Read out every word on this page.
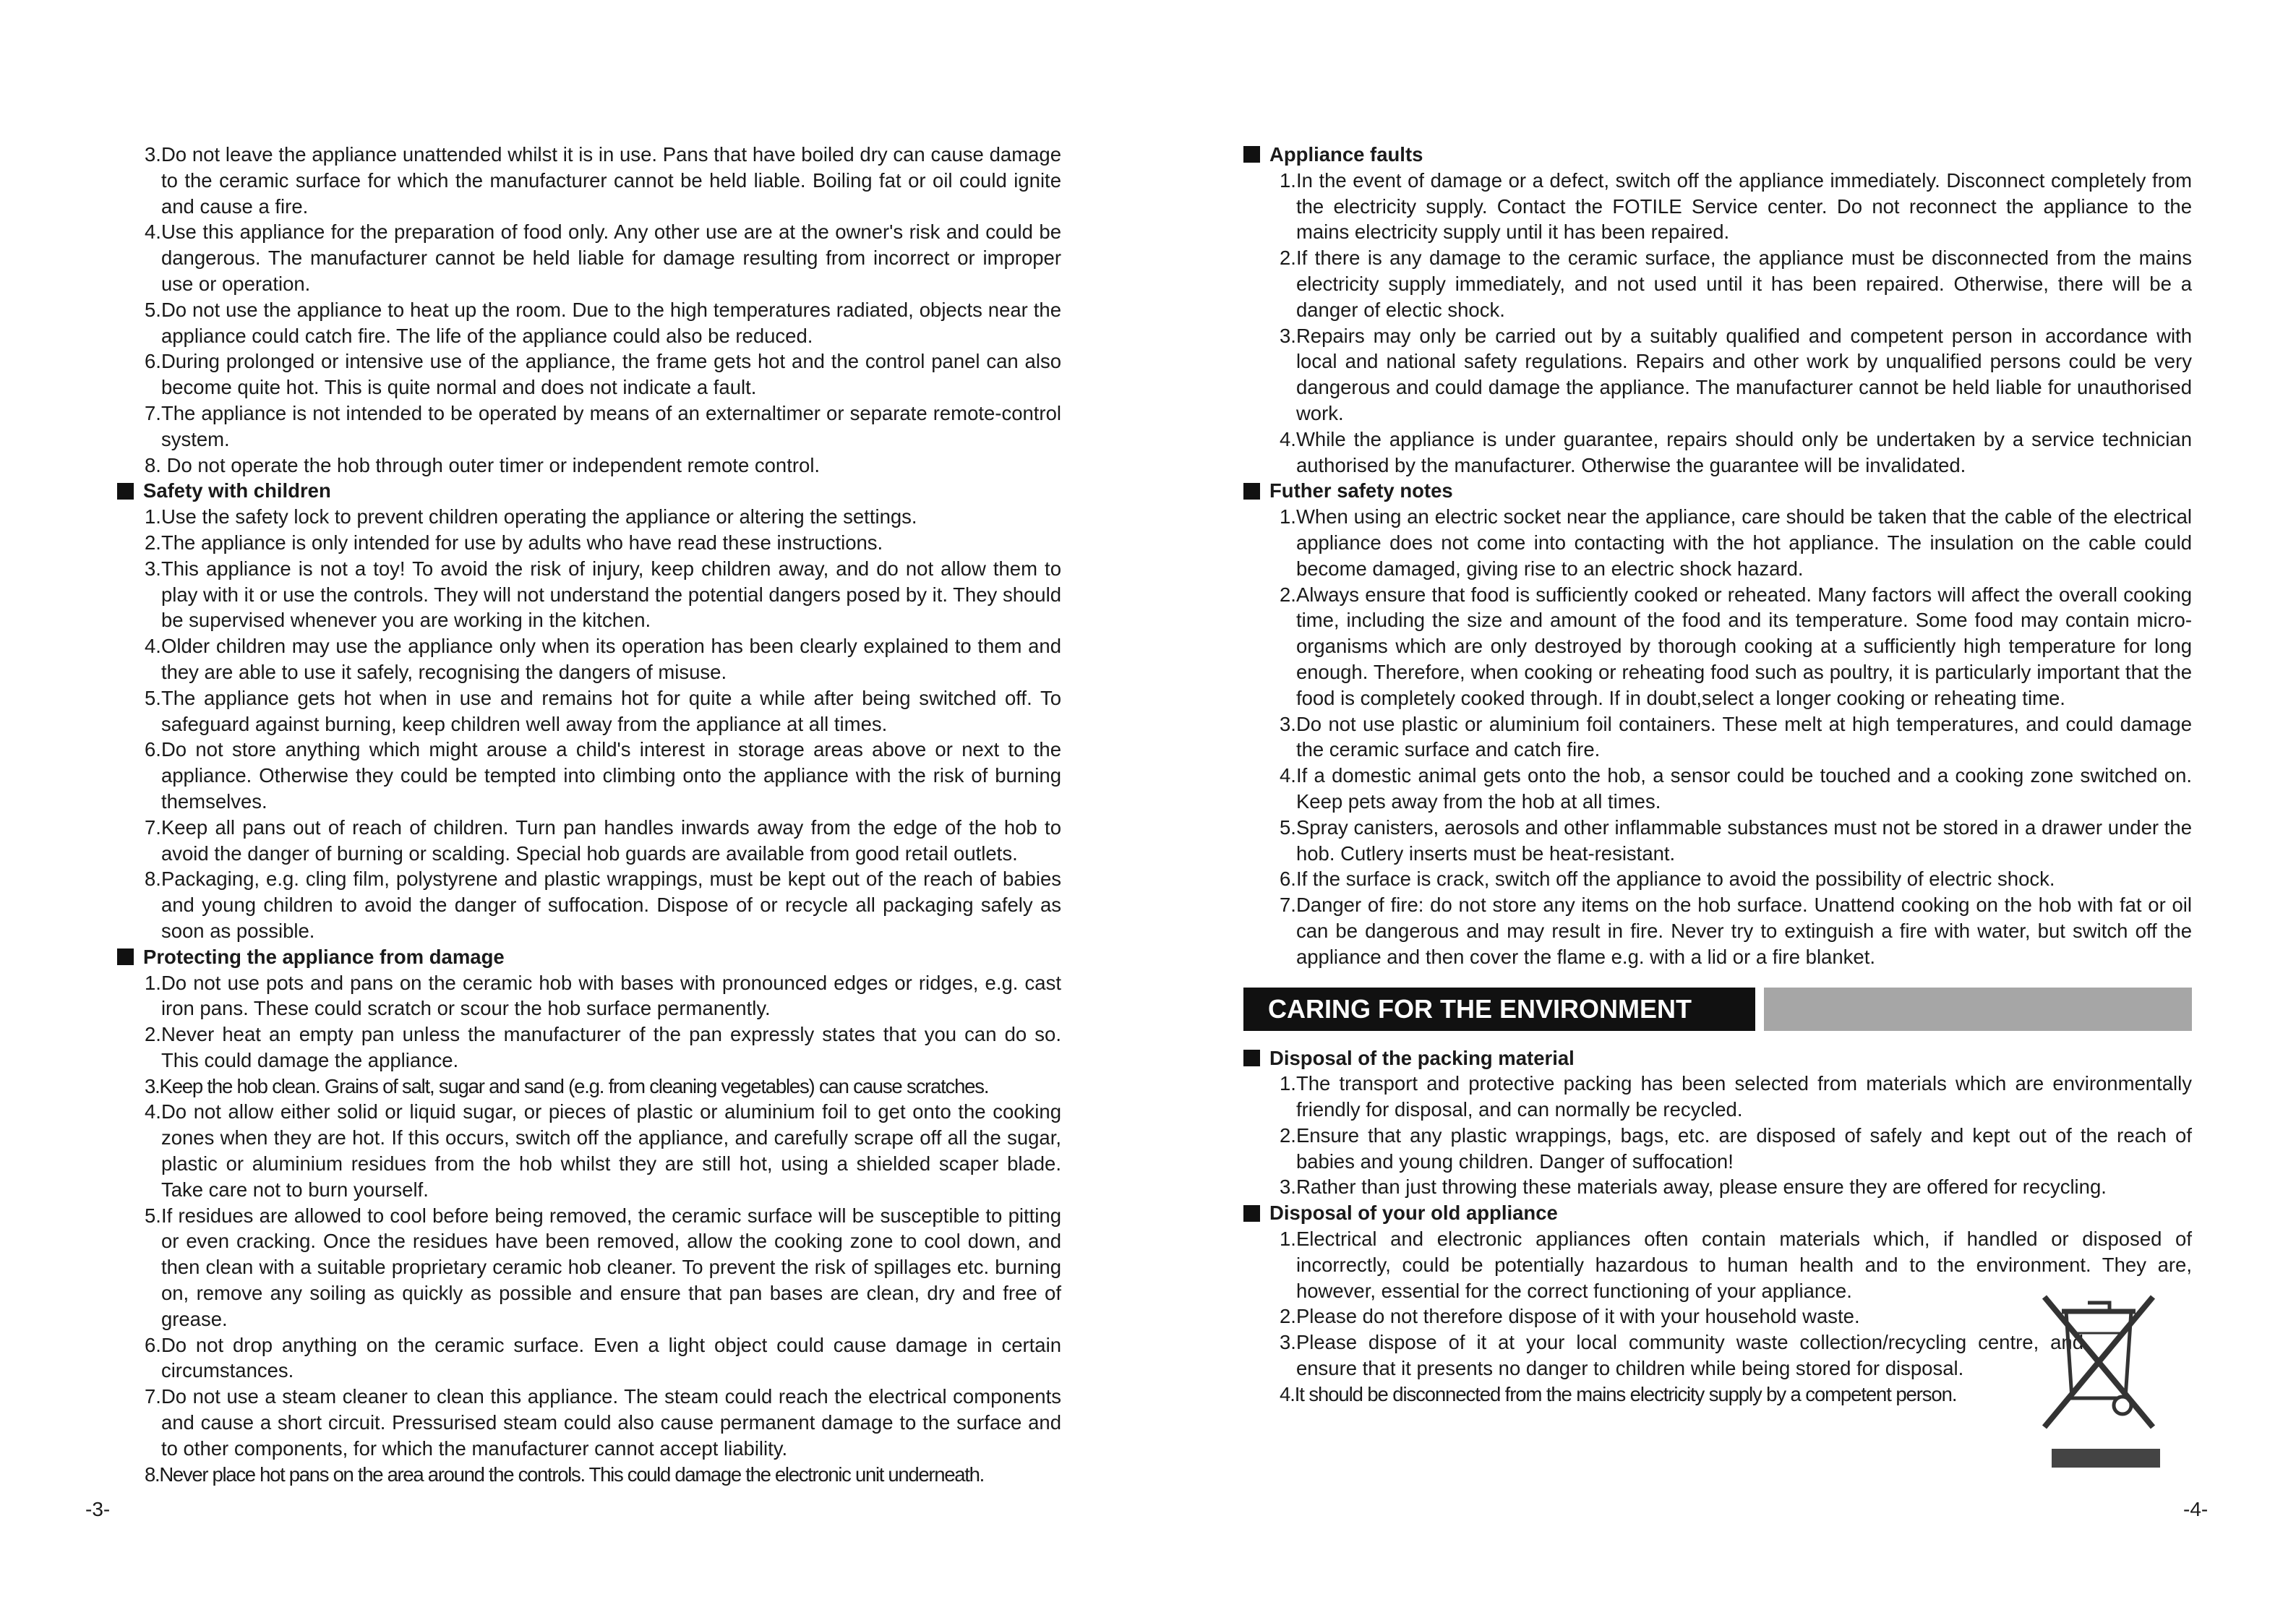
3. Do not leave the appliance unattended whilst it is in use. Pans that have boiled dry can cause damage to the ceramic surface for which the manufacturer cannot be held liable. Boiling fat or oil could ignite and cause a fire.
4. Use this appliance for the preparation of food only. Any other use are at the owner's risk and could be dangerous. The manufacturer cannot be held liable for damage resulting from incorrect or improper use or operation.
5. Do not use the appliance to heat up the room. Due to the high temperatures radiated, objects near the appliance could catch fire. The life of the appliance could also be reduced.
6. During prolonged or intensive use of the appliance, the frame gets hot and the control panel can also become quite hot. This is quite normal and does not indicate a fault.
7. The appliance is not intended to be operated by means of an externaltimer or separate remote-control system.
8. Do not operate the hob through outer timer or independent remote control.
Safety with children
1. Use the safety lock to prevent children operating the appliance or altering the settings.
2. The appliance is only intended for use by adults who have read these instructions.
3. This appliance is not a toy! To avoid the risk of injury, keep children away, and do not allow them to play with it or use the controls. They will not understand the potential dangers posed by it. They should be supervised whenever you are working in the kitchen.
4. Older children may use the appliance only when its operation has been clearly explained to them and they are able to use it safely, recognising the dangers of misuse.
5. The appliance gets hot when in use and remains hot for quite a while after being switched off. To safeguard against burning, keep children well away from the appliance at all times.
6. Do not store anything which might arouse a child's interest in storage areas above or next to the appliance. Otherwise they could be tempted into climbing onto the appliance with the risk of burning themselves.
7. Keep all pans out of reach of children. Turn pan handles inwards away from the edge of the hob to avoid the danger of burning or scalding. Special hob guards are available from good retail outlets.
8. Packaging, e.g. cling film, polystyrene and plastic wrappings, must be kept out of the reach of babies and young children to avoid the danger of suffocation. Dispose of or recycle all packaging safely as soon as possible.
Protecting the appliance from damage
1. Do not use pots and pans on the ceramic hob with bases with pronounced edges or ridges, e.g. cast iron pans. These could scratch or scour the hob surface permanently.
2. Never heat an empty pan unless the manufacturer of the pan expressly states that you can do so. This could damage the appliance.
3. Keep the hob clean. Grains of salt, sugar and sand (e.g. from cleaning vegetables) can cause scratches.
4. Do not allow either solid or liquid sugar, or pieces of plastic or aluminium foil to get onto the cooking zones when they are hot. If this occurs, switch off the appliance, and carefully scrape off all the sugar, plastic or aluminium residues from the hob whilst they are still hot, using a shielded scaper blade. Take care not to burn yourself.
5. If residues are allowed to cool before being removed, the ceramic surface will be susceptible to pitting or even cracking. Once the residues have been removed, allow the cooking zone to cool down, and then clean with a suitable proprietary ceramic hob cleaner. To prevent the risk of spillages etc. burning on, remove any soiling as quickly as possible and ensure that pan bases are clean, dry and free of grease.
6. Do not drop anything on the ceramic surface. Even a light object could cause damage in certain circumstances.
7. Do not use a steam cleaner to clean this appliance. The steam could reach the electrical components and cause a short circuit. Pressurised steam could also cause permanent damage to the surface and to other components, for which the manufacturer cannot accept liability.
8. Never place hot pans on the area around the controls. This could damage the electronic unit underneath.
-3-
Appliance faults
1. In the event of damage or a defect, switch off the appliance immediately. Disconnect completely from the electricity supply. Contact the FOTILE Service center. Do not reconnect the appliance to the mains electricity supply until it has been repaired.
2. If there is any damage to the ceramic surface, the appliance must be disconnected from the mains electricity supply immediately, and not used until it has been repaired. Otherwise, there will be a danger of electic shock.
3. Repairs may only be carried out by a suitably qualified and competent person in accordance with local and national safety regulations. Repairs and other work by unqualified persons could be very dangerous and could damage the appliance. The manufacturer cannot be held liable for unauthorised work.
4. While the appliance is under guarantee, repairs should only be undertaken by a service technician authorised by the manufacturer. Otherwise the guarantee will be invalidated.
Futher safety notes
1. When using an electric socket near the appliance, care should be taken that the cable of the electrical appliance does not come into contacting with the hot appliance. The insulation on the cable could become damaged, giving rise to an electric shock hazard.
2. Always ensure that food is sufficiently cooked or reheated. Many factors will affect the overall cooking time, including the size and amount of the food and its temperature. Some food may contain micro-organisms which are only destroyed by thorough cooking at a sufficiently high temperature for long enough. Therefore, when cooking or reheating food such as poultry, it is particularly important that the food is completely cooked through. If in doubt,select a longer cooking or reheating time.
3. Do not use plastic or aluminium foil containers. These melt at high temperatures, and could damage the ceramic surface and catch fire.
4. If a domestic animal gets onto the hob, a sensor could be touched and a cooking zone switched on. Keep pets away from the hob at all times.
5. Spray canisters, aerosols and other inflammable substances must not be stored in a drawer under the hob. Cutlery inserts must be heat-resistant.
6. If the surface is crack, switch off the appliance to avoid the possibility of electric shock.
7. Danger of fire: do not store any items on the hob surface. Unattend cooking on the hob with fat or oil can be dangerous and may result in fire. Never try to extinguish a fire with water, but switch off the appliance and then cover the flame e.g. with a lid or a fire blanket.
CARING FOR THE ENVIRONMENT
Disposal of the packing material
1. The transport and protective packing has been selected from materials which are environmentally friendly for disposal, and can normally be recycled.
2. Ensure that any plastic wrappings, bags, etc. are disposed of safely and kept out of the reach of babies and young children. Danger of suffocation!
3. Rather than just throwing these materials away, please ensure they are offered for recycling.
Disposal of your old appliance
1. Electrical and electronic appliances often contain materials which, if handled or disposed of incorrectly, could be potentially hazardous to human health and to the environment. They are, however, essential for the correct functioning of your appliance.
2. Please do not therefore dispose of it with your household waste.
3. Please dispose of it at your local community waste collection/recycling centre, and ensure that it presents no danger to children while being stored for disposal.
4. It should be disconnected from the mains electricity supply by a competent person.
-4-
